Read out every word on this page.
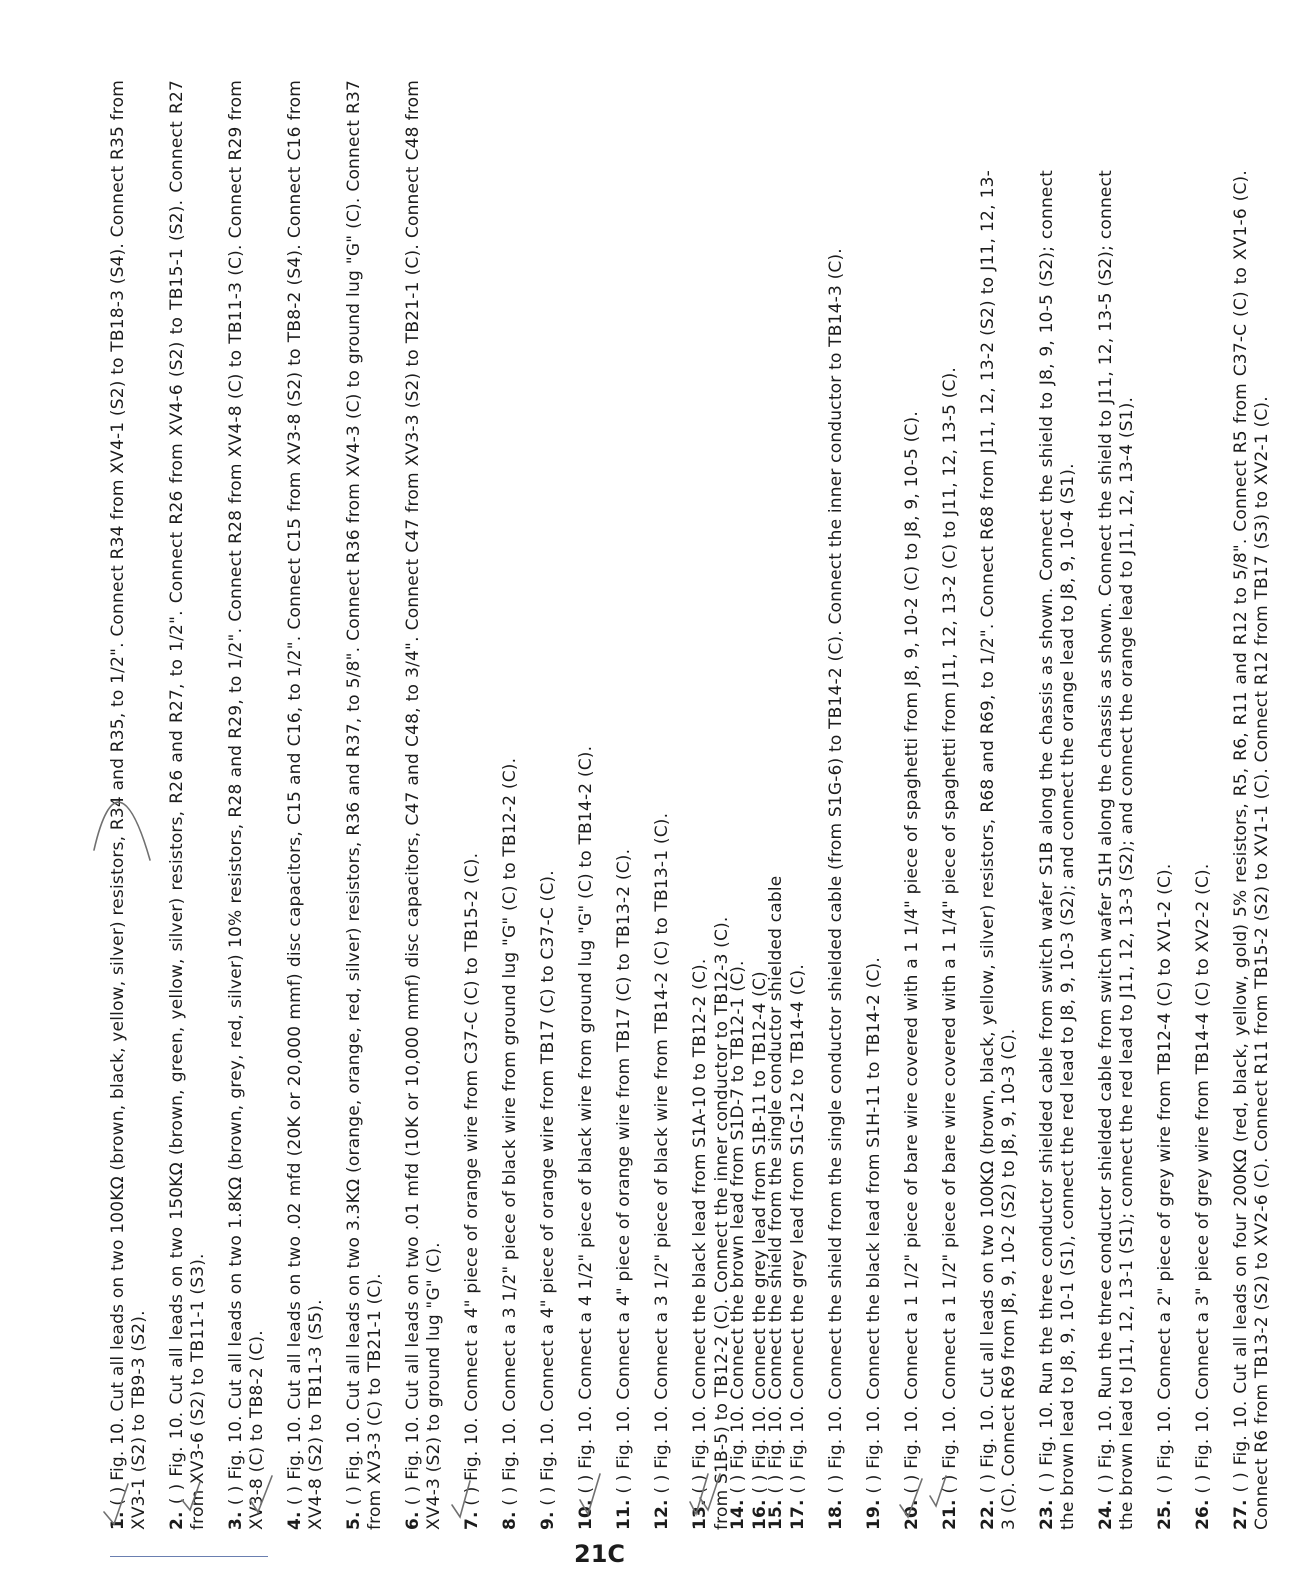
1. ( ) Fig. 10. Cut all leads on two 100KΩ (brown, black, yellow, silver) resistors, R34 and R35, to 1/2". Connect R34 from XV4-1 (S2) to TB18-3 (S4). Connect R35 from XV3-1 (S2) to TB9-3 (S2). 2. ( ) Fig. 10. Cut all leads on two 150KΩ (brown, green, yellow, silver) resistors, R26 and R27, to 1/2". Connect R26 from XV4-6 (S2) to TB15-1 (S2). Connect R27 from XV3-6 (S2) to TB11-1 (S3). 3. ( ) Fig. 10. Cut all leads on two 1.8KΩ (brown, grey, red, silver) 10% resistors, R28 and R29, to 1/2". Connect R28 from XV4-8 (C) to TB11-3 (C). Connect R29 from XV3-8 (C) to TB8-2 (C). 4. ( ) Fig. 10. Cut all leads on two .02 mfd (20K or 20,000 mmf) disc capacitors, C15 and C16, to 1/2". Connect C15 from XV3-8 (S2) to TB8-2 (S4). Connect C16 from XV4-8 (S2) to TB11-3 (S5). 5. ( ) Fig. 10. Cut all leads on two 3.3KΩ (orange, orange, red, silver) resistors, R36 and R37, to 5/8". Connect R36 from XV4-3 (C) to ground lug "G" (C). Connect R37 from XV3-3 (C) to TB21-1 (C). 6. ( ) Fig. 10. Cut all leads on two .01 mfd (10K or 10,000 mmf) disc capacitors, C47 and C48, to 3/4". Connect C47 from XV3-3 (S2) to TB21-1 (C). Connect C48 from XV4-3 (S2) to ground lug "G" (C). 7. ( ) Fig. 10. Connect a 4" piece of orange wire from C37-C (C) to TB15-2 (C).

8. ( ) Fig. 10. Connect a 3 1/2" piece of black wire from ground lug "G" (C) to TB12-2 (C).

9. ( ) Fig. 10. Connect a 4" piece of orange wire from TB17 (C) to C37-C (C).

10. ( ) Fig. 10. Connect a 4 1/2" piece of black wire from ground lug "G" (C) to TB14-2 (C).

11. ( ) Fig. 10. Connect a 4" piece of orange wire from TB17 (C) to TB13-2 (C).

12. ( ) Fig. 10. Connect a 3 1/2" piece of black wire from TB14-2 (C) to TB13-1 (C).

13. ( ) Fig. 10. Connect the black lead from S1A-10 to TB12-2 (C).

14. ( ) Fig. 10. Connect the brown lead from S1D-7 to TB12-1 (C).

15. ( ) Fig. 10. Connect the shield from the single conductor shielded cable

from S1B-5) to TB12-2 (C). Connect the inner conductor to TB12-3 (C). 16. ( ) Fig. 10. Connect the grey lead from S1B-11 to TB12-4 (C)

17. ( ) Fig. 10. Connect the grey lead from S1G-12 to TB14-4 (C).

18. ( ) Fig. 10. Connect the shield from the single conductor shielded cable (from S1G-6) to TB14-2 (C). Connect the inner conductor to TB14-3 (C).

19. ( ) Fig. 10. Connect the black lead from S1H-11 to TB14-2 (C).

20. ( ) Fig. 10. Connect a 1 1/2" piece of bare wire covered with a 1 1/4" piece of spaghetti from J8, 9, 10-2 (C) to J8, 9, 10-5 (C).

21. ( ) Fig. 10. Connect a 1 1/2" piece of bare wire covered with a 1 1/4" piece of spaghetti from J11, 12, 13-2 (C) to J11, 12, 13-5 (C).

22. ( ) Fig. 10. Cut all leads on two 100KΩ (brown, black, yellow, silver) resistors, R68 and R69, to 1/2". Connect R68 from J11, 12, 13-2 (S2) to J11, 12, 13-3 (C). Connect R69 from J8, 9, 10-2 (S2) to J8, 9, 10-3 (C). 23. ( ) Fig. 10. Run the three conductor shielded cable from switch wafer S1B along the chassis as shown. Connect the shield to J8, 9, 10-5 (S2); connect the brown lead to J8, 9, 10-1 (S1), connect the red lead to J8, 9, 10-3 (S2); and connect the orange lead to J8, 9, 10-4 (S1). 24. ( ) Fig. 10. Run the three conductor shielded cable from switch wafer S1H along the chassis as shown. Connect the shield to J11, 12, 13-5 (S2); connect the brown lead to J11, 12, 13-1 (S1); connect the red lead to J11, 12, 13-3 (S2); and connect the orange lead to J11, 12, 13-4 (S1). 25. ( ) Fig. 10. Connect a 2" piece of grey wire from TB12-4 (C) to XV1-2 (C).

26. ( ) Fig. 10. Connect a 3" piece of grey wire from TB14-4 (C) to XV2-2 (C).

27. ( ) Fig. 10. Cut all leads on four 200KΩ (red, black, yellow, gold) 5% resistors, R5, R6, R11 and R12 to 5/8". Connect R5 from C37-C (C) to XV1-6 (C). Connect R6 from TB13-2 (S2) to XV2-6 (C). Connect R11 from TB15-2 (S2) to XV1-1 (C). Connect R12 from TB17 (S3) to XV2-1 (C).

21C
